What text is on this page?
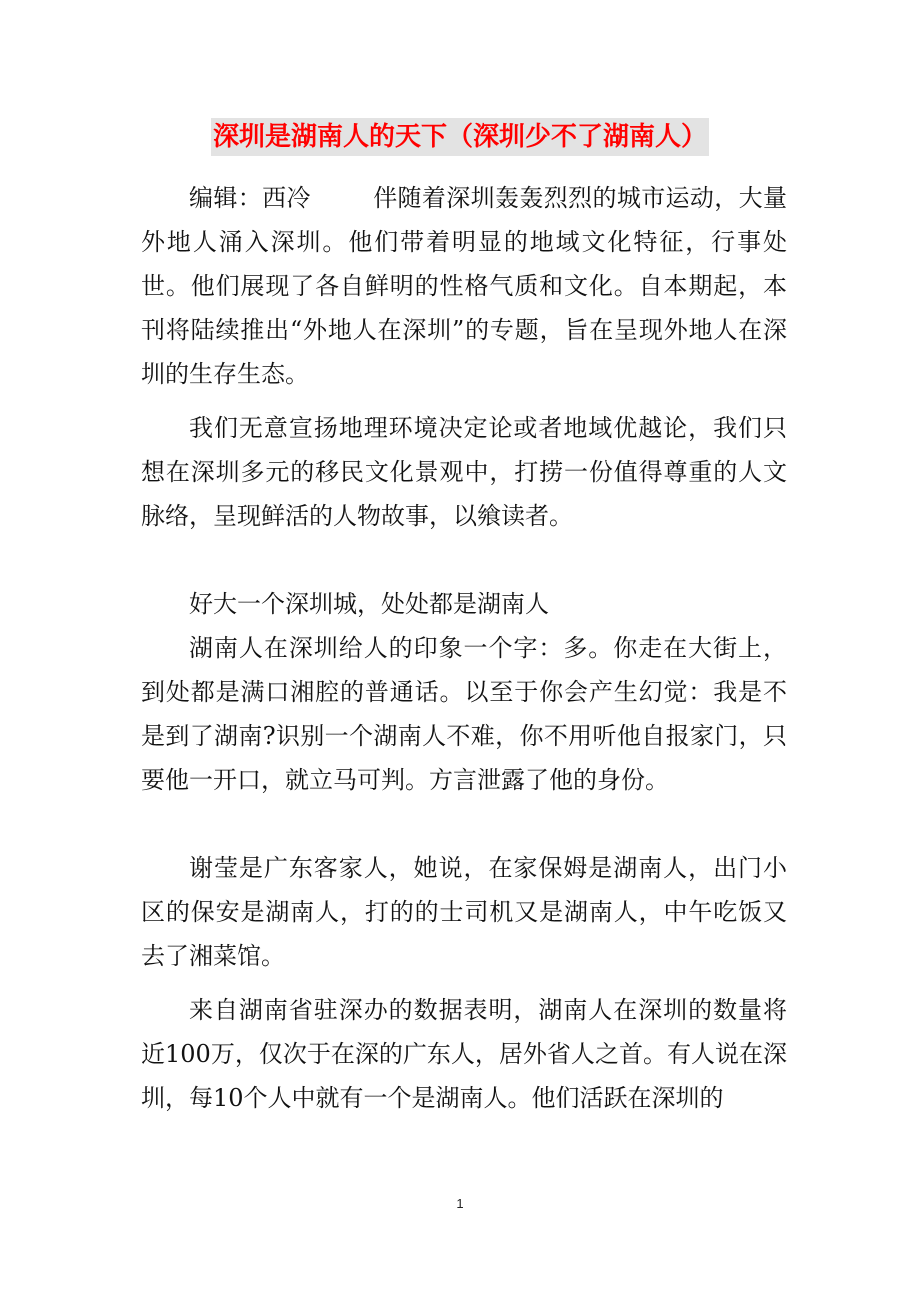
深圳是湖南人的天下（深圳少不了湖南人）

编辑：西冷	伴随着深圳轰轰烈烈的城市运动，大量外地人涌入深圳。他们带着明显的地域文化特征，行事处世。他们展现了各自鲜明的性格气质和文化。自本期起，本刊将陆续推出“外地人在深圳”的专题，旨在呈现外地人在深圳的生存生态。

我们无意宣扬地理环境决定论或者地域优越论，我们只想在深圳多元的移民文化景观中，打捞一份值得尊重的人文脉络，呈现鲜活的人物故事，以飨读者。

好大一个深圳城，处处都是湖南人

湖南人在深圳给人的印象一个字：多。你走在大街上，到处都是满口湘腔的普通话。以至于你会产生幻觉：我是不是到了湖南?识别一个湖南人不难，你不用听他自报家门，只要他一开口，就立马可判。方言泄露了他的身份。

谢莹是广东客家人，她说，在家保姆是湖南人，出门小区的保安是湖南人，打的的士司机又是湖南人，中午吃饭又去了湘菜馆。

来自湖南省驻深办的数据表明，湖南人在深圳的数量将近100万，仅次于在深的广东人，居外省人之首。有人说在深圳，每10个人中就有一个是湖南人。他们活跃在深圳的

1
